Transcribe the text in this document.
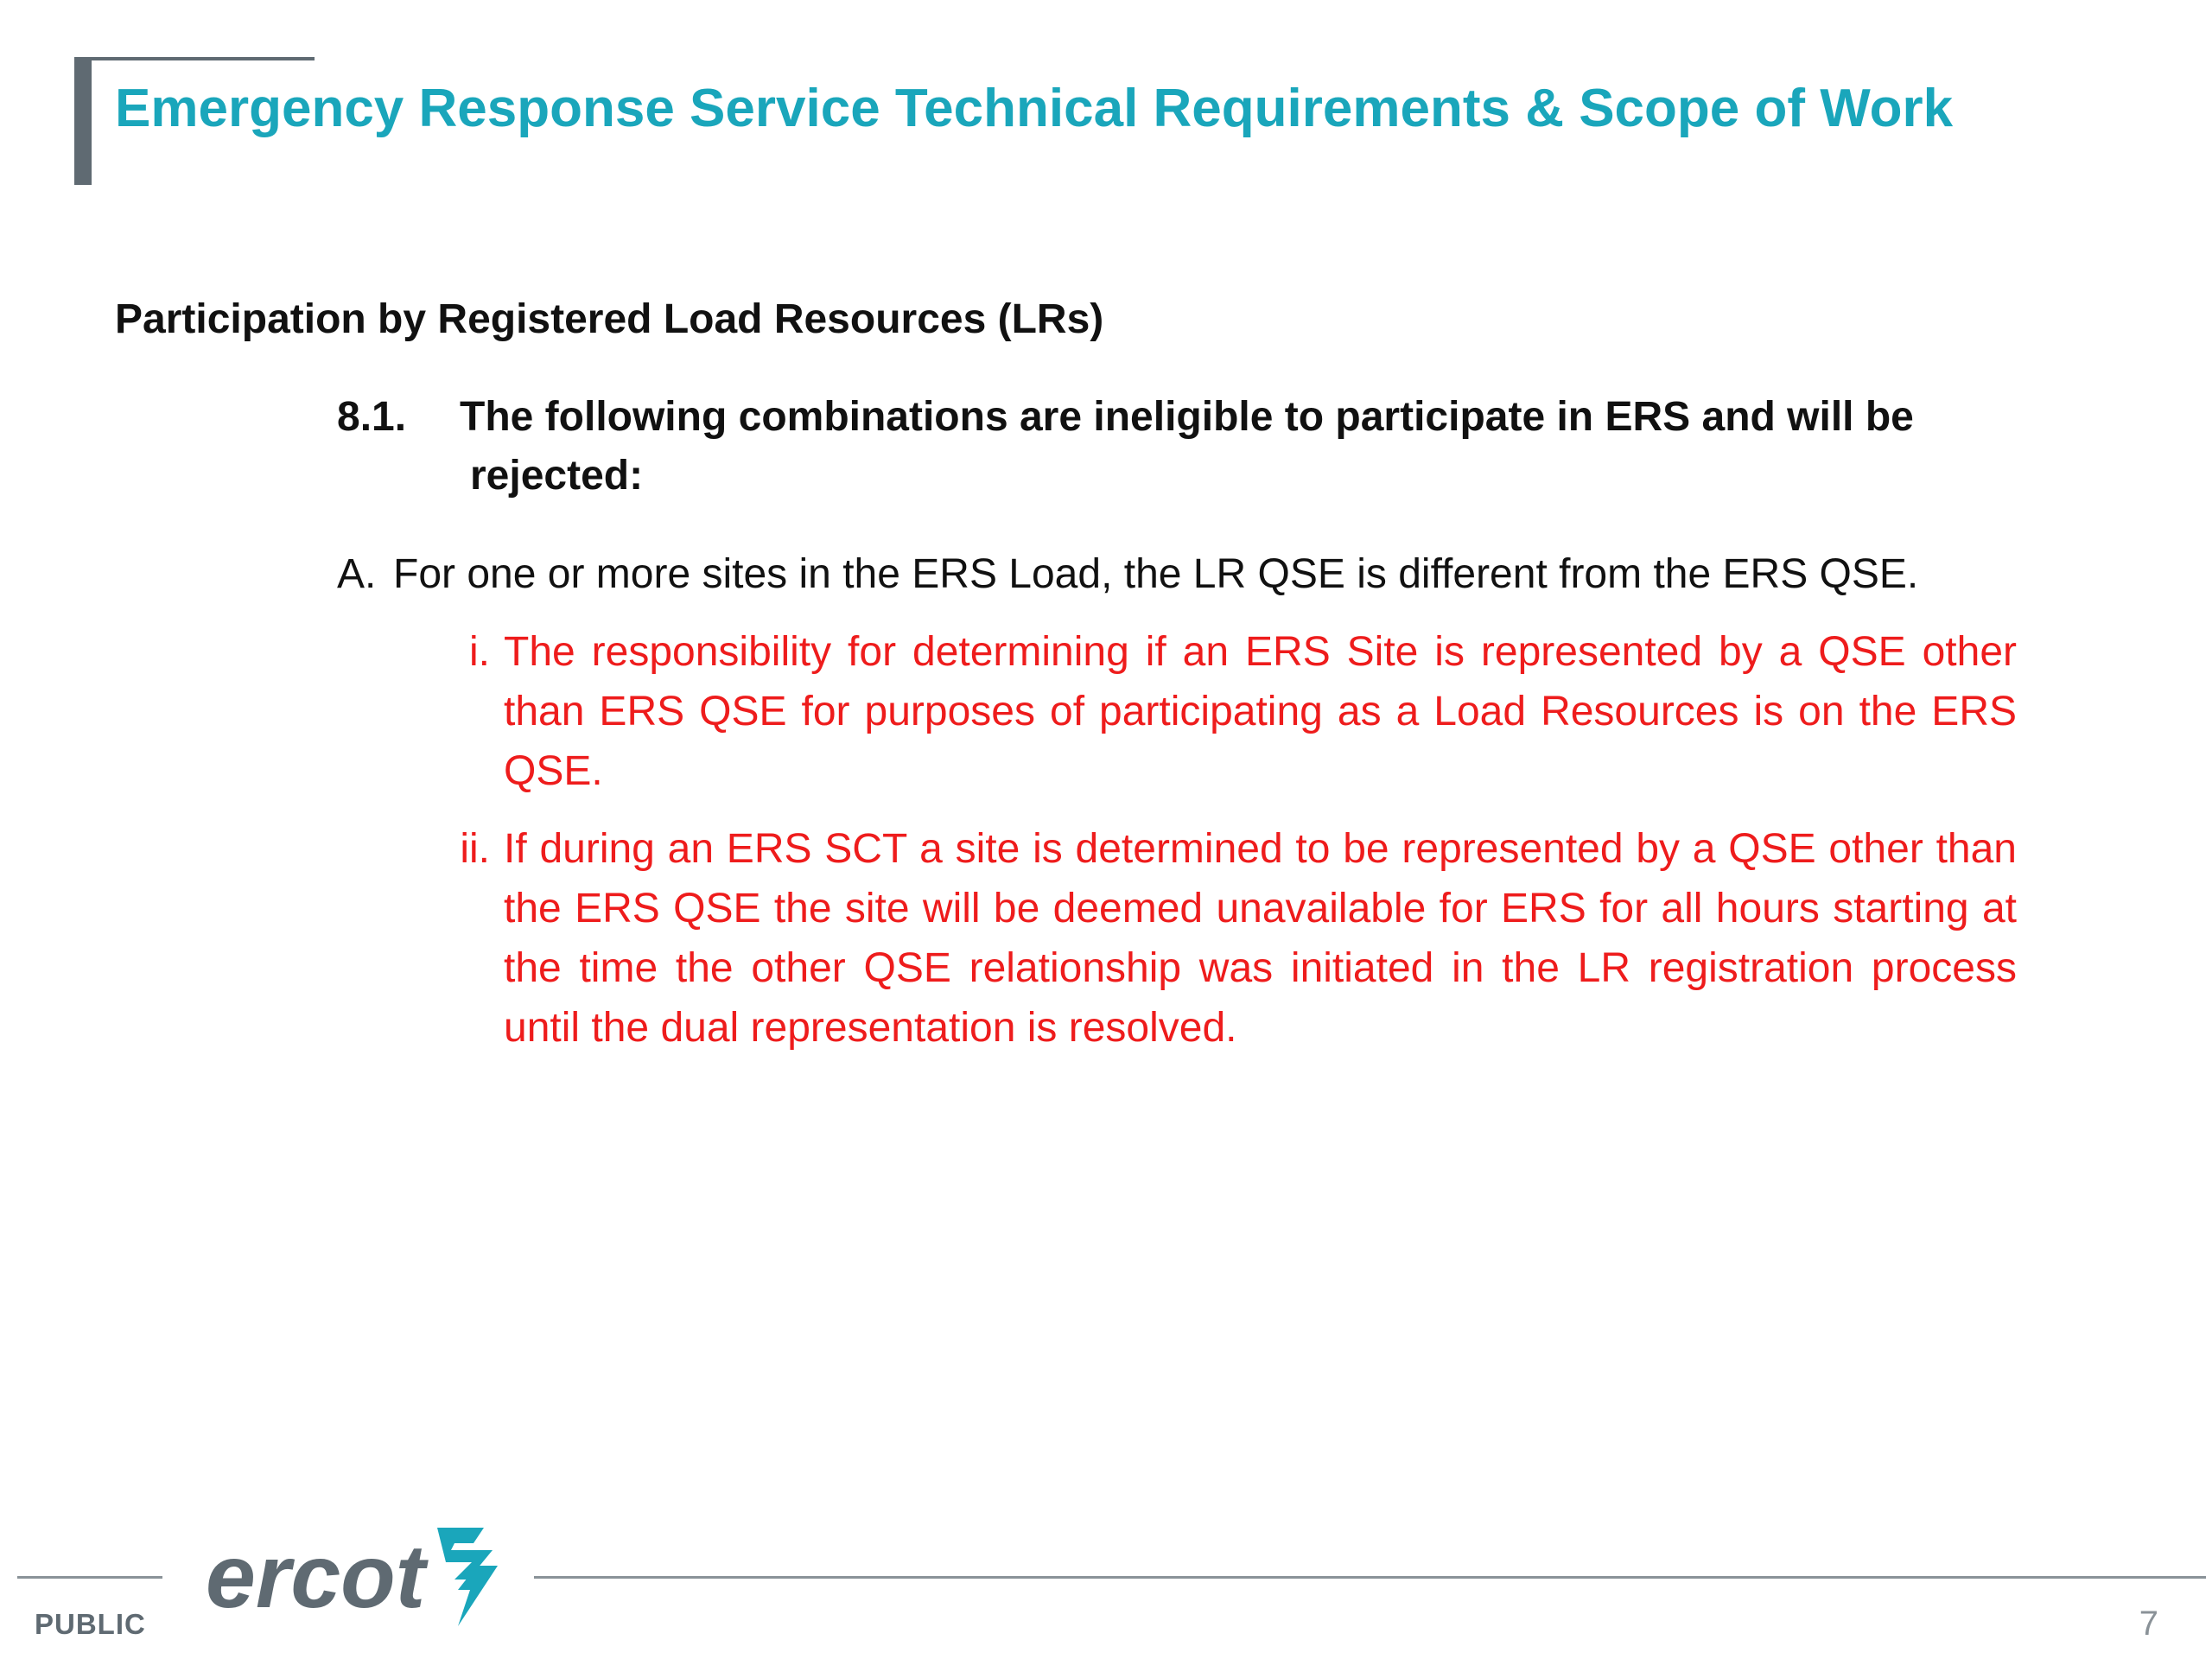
Emergency Response Service Technical Requirements & Scope of Work
Participation by Registered Load Resources (LRs)
8.1. The following combinations are ineligible to participate in ERS and will be
rejected:

A. For one or more sites in the ERS Load, the LR QSE is different from the ERS QSE.

i. The responsibility for determining if an ERS Site is represented by a QSE other than ERS QSE for purposes of participating as a Load Resources is on the ERS QSE.

ii. If during an ERS SCT a site is determined to be represented by a QSE other than the ERS QSE the site will be deemed unavailable for ERS for all hours starting at the time the other QSE relationship was initiated in the LR registration process until the dual representation is resolved.

ercot
PUBLIC	7
